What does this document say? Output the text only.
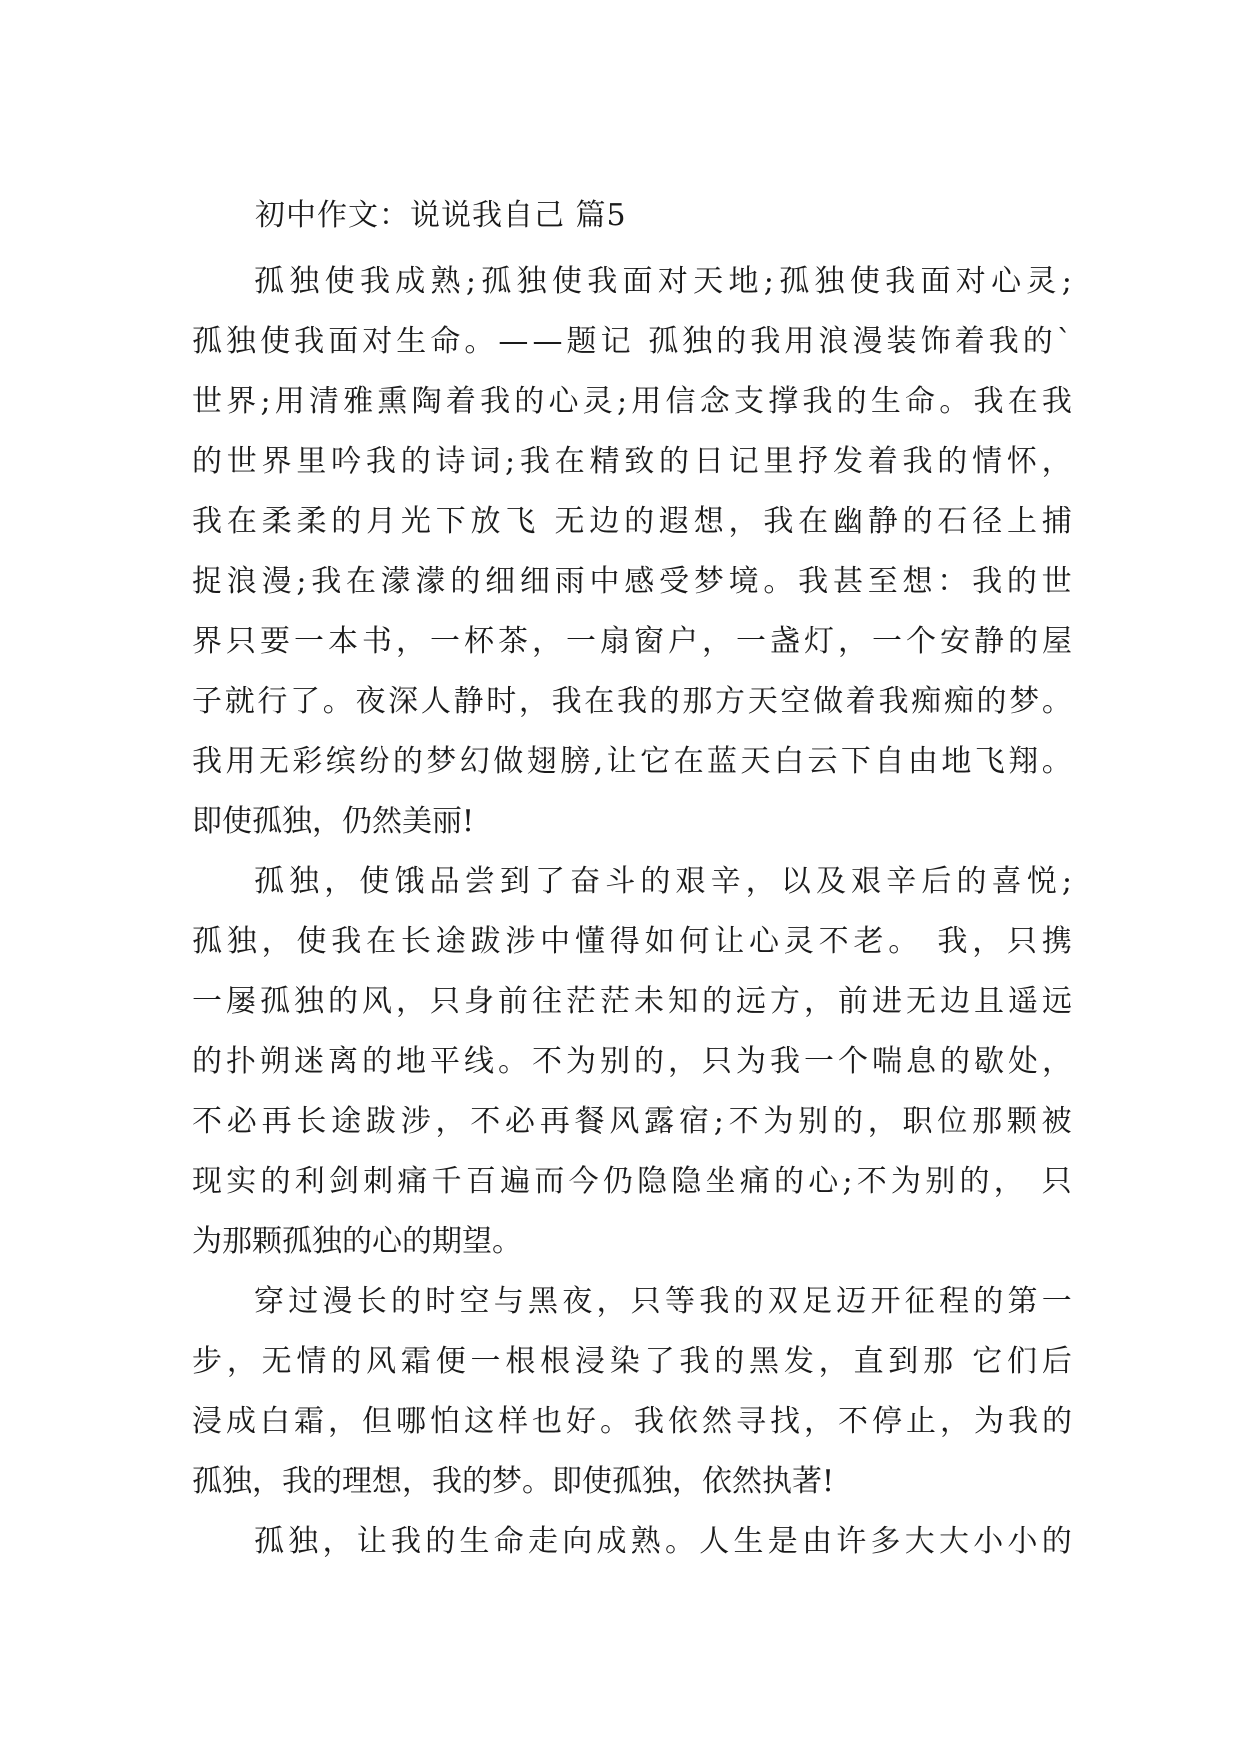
初中作文：说说我自己 篇5
孤 独 使 我 成 熟 ; 孤 独 使 我 面 对 天 地 ; 孤 独 使 我 面 对 心 灵 ;
孤 独 使 我 面 对 生 命 。 — — 题 记
孤 独 的 我 用 浪 漫 装 饰 着 我 的 `
世 界 ; 用 清 雅 熏 陶 着 我 的 心 灵 ; 用 信 念 支 撑 我 的 生 命 。 我 在 我
的 世 界 里 吟 我 的 诗 词 ; 我 在 精 致 的 日 记 里 抒 发 着 我 的 情 怀 ，
我 在 柔 柔 的 月 光 下 放 飞
无 边 的 遐 想 ， 我 在 幽 静 的 石 径 上 捕
捉 浪 漫 ; 我 在 濛 濛 的 细 细 雨 中 感 受 梦 境 。 我 甚 至 想 ： 我 的 世
界 只 要 一 本 书 ， 一 杯 茶 ， 一 扇 窗 户 ， 一 盏 灯 ， 一 个 安 静 的 屋
子 就 行 了 。 夜 深 人 静 时 ， 我 在 我 的 那 方 天 空 做 着 我 痴 痴 的 梦 。
我 用 无 彩 缤 纷 的 梦 幻 做 翅 膀 , 让 它 在 蓝 天 白 云 下 自 由 地 飞 翔 。
即使孤独，仍然美丽!
孤 独 ， 使 饿 品 尝 到 了 奋 斗 的 艰 辛 ， 以 及 艰 辛 后 的 喜 悦 ;
孤 独 ， 使 我 在 长 途 跋 涉 中 懂 得 如 何 让 心 灵 不 老 。
我 ， 只 携
一 屡 孤 独 的 风 ， 只 身 前 往 茫 茫 未 知 的 远 方 ， 前 进 无 边 且 遥 远
的 扑 朔 迷 离 的 地 平 线 。 不 为 别 的 ， 只 为 我 一 个 喘 息 的 歇 处 ，
不 必 再 长 途 跋 涉 ， 不 必 再 餐 风 露 宿 ; 不 为 别 的 ， 职 位 那 颗 被
现 实 的 利 剑 刺 痛 千 百 遍 而 今 仍 隐 隐 坐 痛 的 心 ; 不 为 别 的 ，
只
为那颗孤独的心的期望。
穿 过 漫 长 的 时 空 与 黑 夜 ， 只 等 我 的 双 足 迈 开 征 程 的 第 一
步 ， 无 情 的 风 霜 便 一 根 根 浸 染 了 我 的 黑 发 ， 直 到 那
它 们 后
浸 成 白 霜 ， 但 哪 怕 这 样 也 好 。 我 依 然 寻 找 ， 不 停 止 ， 为 我 的
孤独，我的理想，我的梦。即使孤独，依然执著!
孤 独 ， 让 我 的 生 命 走 向 成 熟 。 人 生 是 由 许 多 大 大 小 小 的
